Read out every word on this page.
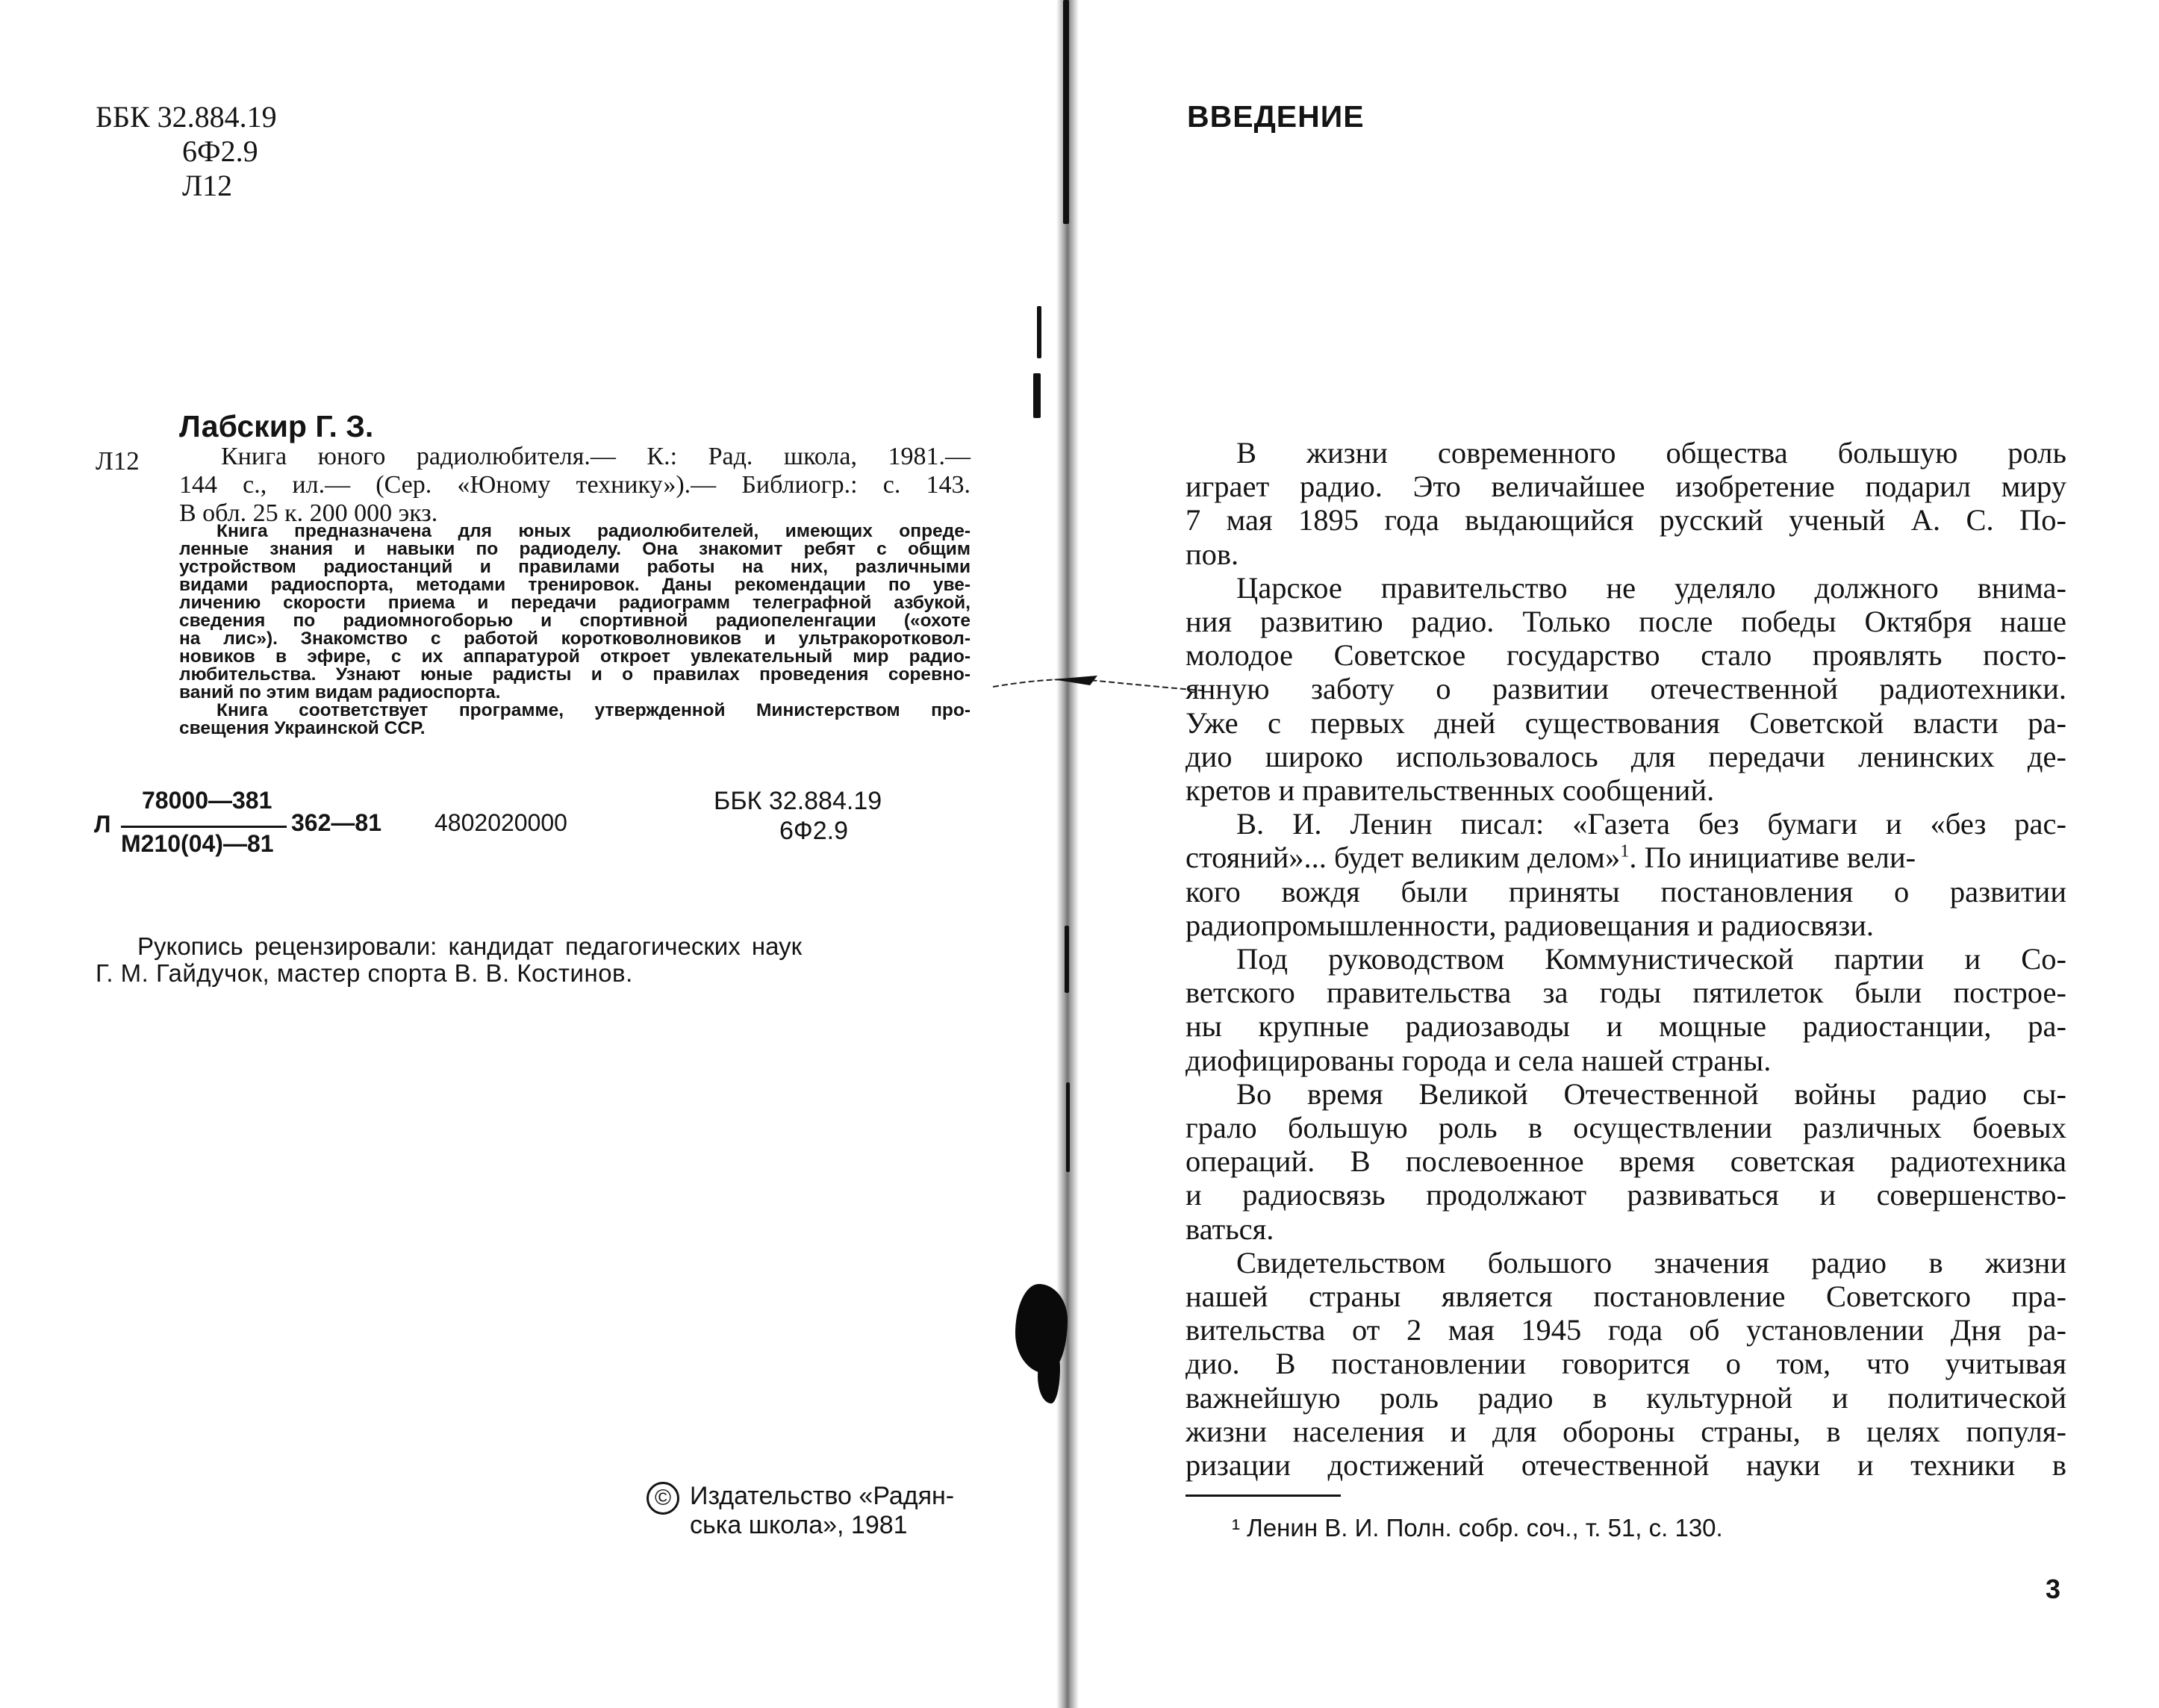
ББК 32.884.19
6Ф2.9
Л12
Лабскир Г. З.
Л12	Книга юного радиолюбителя.— К.: Рад. школа, 1981.—
144 с., ил.— (Сер. «Юному технику»).— Библиогр.: с. 143.
В обл. 25 к. 200 000 экз.

Книга предназначена для юных радиолюбителей, имеющих опреде-

ленные знания и навыки по радиоделу. Она знакомит ребят с общим

устройством радиостанций и правилами работы на них, различными

видами радиоспорта, методами тренировок. Даны рекомендации по уве-

личению скорости приема и передачи радиограмм телеграфной азбукой,

сведения по радиомногоборью и спортивной радиопеленгации («охоте

на лис»). Знакомство с работой коротковолновиков и ультракоротковол-

новиков в эфире, с их аппаратурой откроет увлекательный мир радио-

любительства. Узнают юные радисты и о правилах проведения соревно-

ваний по этим видам радиоспорта.

Книга соответствует программе, утвержденной Министерством про-

свещения Украинской ССР.

Л
78000—381
М210(04)—81
362—81 4802020000
ББК 32.884.19
6Ф2.9
Рукопись рецензировали: кандидат педагогических наук
Г. М. Гайдучок, мастер спорта В. В. Костинов.
© Издательство «Радян-
ська школа», 1981
ВВЕДЕНИЕ

В жизни современного общества большую роль

играет радио. Это величайшее изобретение подарил миру

7 мая 1895 года выдающийся русский ученый А. С. По-

пов.

Царское правительство не уделяло должного внима-

ния развитию радио. Только после победы Октября наше

молодое Советское государство стало проявлять посто-

янную заботу о развитии отечественной радиотехники.

Уже с первых дней существования Советской власти ра-

дио широко использовалось для передачи ленинских де-

кретов и правительственных сообщений.

В. И. Ленин писал: «Газета без бумаги и «без рас-

стояний»... будет великим делом»$^1$. По инициативе вели-

кого вождя были приняты постановления о развитии

радиопромышленности, радиовещания и радиосвязи.

Под руководством Коммунистической партии и Со-

ветского правительства за годы пятилеток были построе-

ны крупные радиозаводы и мощные радиостанции, ра-

диофицированы города и села нашей страны.

Во время Великой Отечественной войны радио сы-

грало большую роль в осуществлении различных боевых

операций. В послевоенное время советская радиотехника

и радиосвязь продолжают развиваться и совершенство-

ваться.

Свидетельством большого значения радио в жизни

нашей страны является постановление Советского пра-

вительства от 2 мая 1945 года об установлении Дня ра-

дио. В постановлении говорится о том, что учитывая

важнейшую роль радио в культурной и политической

жизни населения и для обороны страны, в целях популя-

ризации достижений отечественной науки и техники в

¹ Ленин В. И. Полн. собр. соч., т. 51, с. 130.
3
